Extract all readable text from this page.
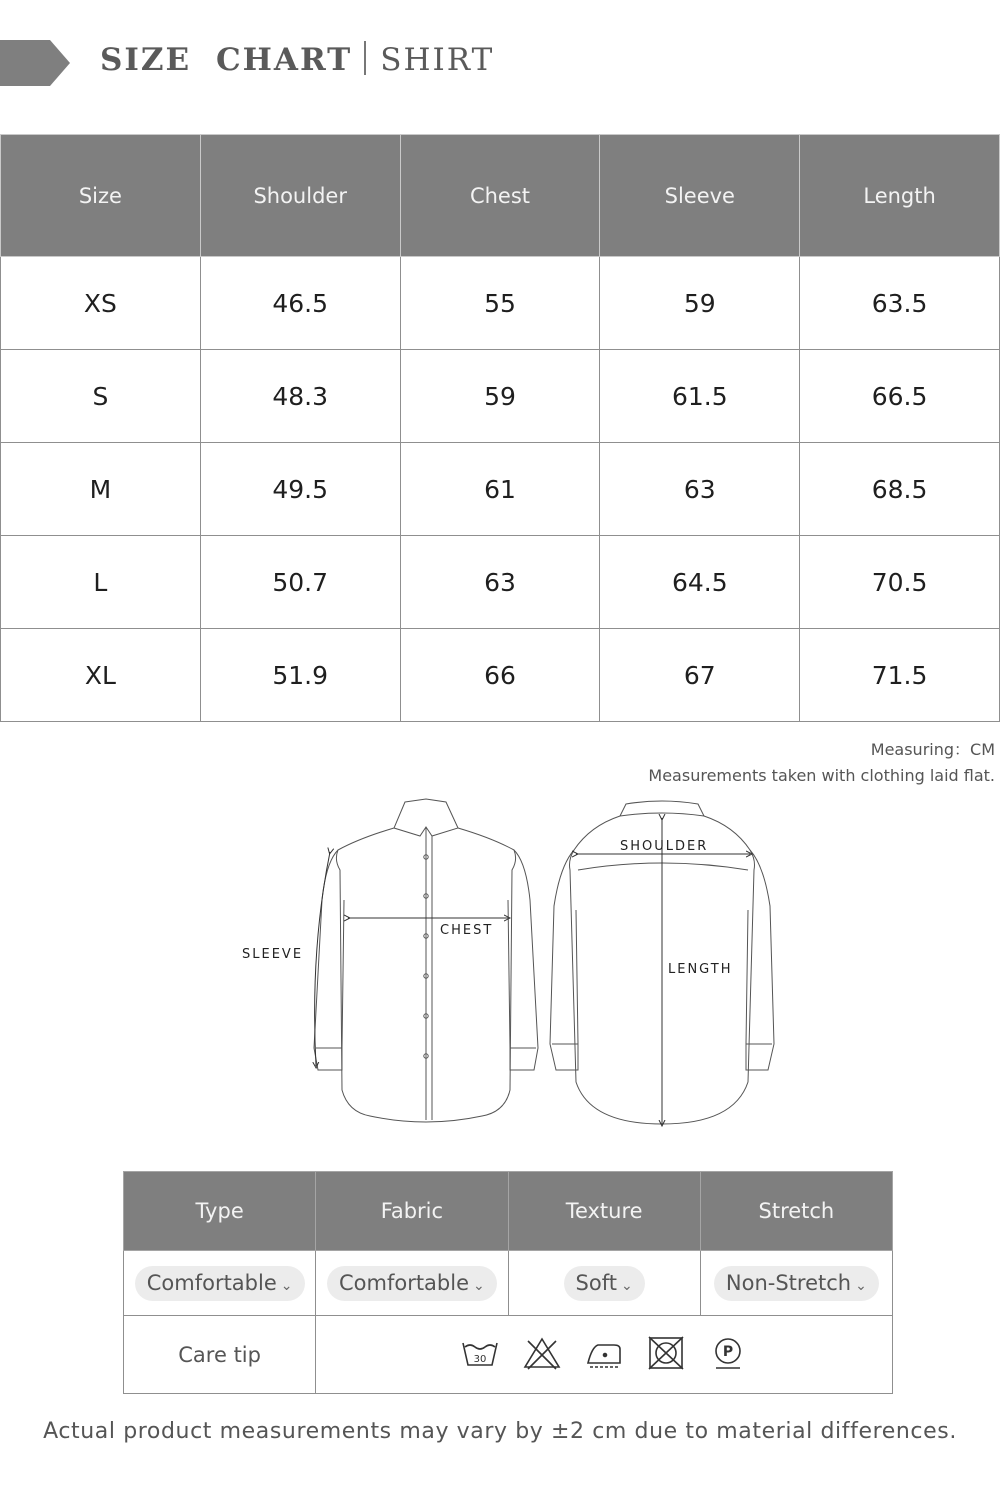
SIZE CHART SHIRT
Size	Shoulder	Chest	Sleeve	Length
XS	46.5	55	59	63.5
S	48.3	59	61.5	66.5
M	49.5	61	63	68.5
L	50.7	63	64.5	70.5
XL	51.9	66	67	71.5
Measuring：CM
Measurements taken with clothing laid flat.
SLEEVE
CHEST
SHOULDER
LENGTH
Type	Fabric	Texture	Stretch
Comfortable ⌄	Comfortable ⌄	Soft ⌄	Non-Stretch ⌄
Care tip	30 P		
Actual product measurements may vary by ±2 cm due to material differences.
